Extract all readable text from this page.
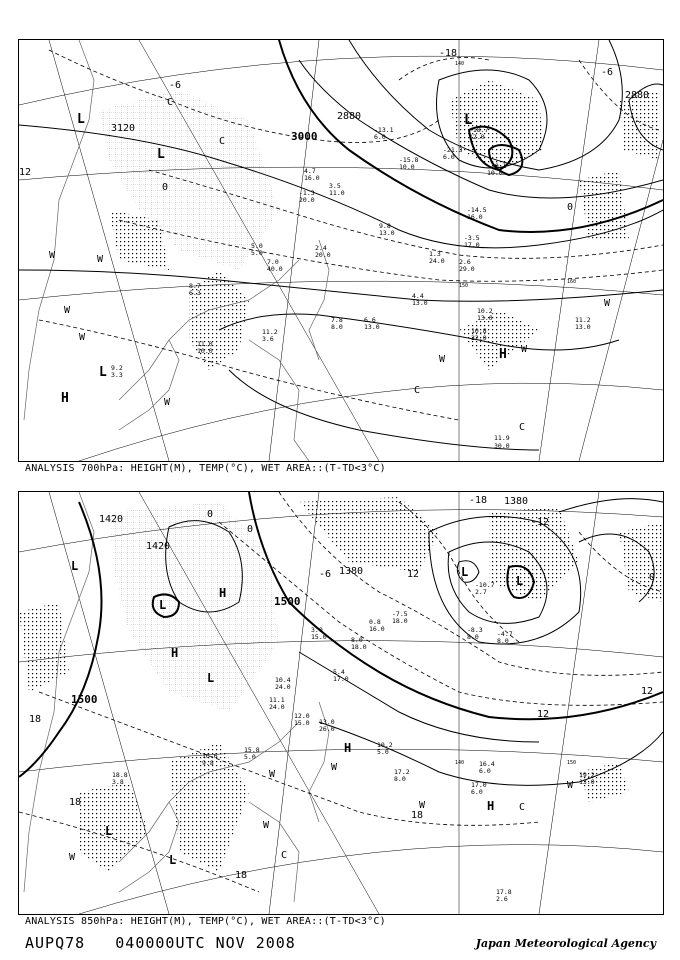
3000
3120
2880
2880
-18
-6
0
0
12
-6
L
L
L
L
H
H
C
C
C
C
W	W
W
W
W
W
W
W
-21.3
6.0
-18.7
12.0
-19.1
10.0
-15.8
10.0
-14.5
16.0
-13.1
6.0
-3.5
17.0
2.6
29.0
1.3
24.0
4.4
13.0
10.2
13.0
10.8
22.0
11.2
13.0
6.6
13.0
7.8
8.0
11.2
3.6
11.0
10.0
9.2
3.3
8.7
6.3
5.0
5.0
2.4
20.0
7.0
40.0
11.9
30.0
9.8
13.0
4.7
16.0
-1.3
20.0
3.5
11.0
140
150
160
ANALYSIS 700hPa: HEIGHT(M), TEMP(°C), WET AREA::(T-TD<3°C)
1500
1500
1420
1380
1380
1420
-18
-12
-6
0
0
12
12
18
18
18
18
12
0
L
L
L
L
L
L
L
H
H
H
H
C
C
W
W
W
W
W
W
-8.3
8.0	-4.7
8.0
-7.5
18.0
-10.7
2.7
10.2
5.0
17.2
8.0
16.4
6.0
17.0
6.0
19.2
13.0
13.0
26.0
5.4
17.0
12.0
15.0
10.4
24.0
11.1
24.0
18.8
3.8
17.8
2.6
16.6
9.8
15.8
5.0
8.0
18.0
0.8
16.0
3.0
15.0
140	150
ANALYSIS 850hPa: HEIGHT(M), TEMP(°C), WET AREA::(T-TD<3°C)
AUPQ78   040000UTC NOV 2008	Japan Meteorological Agency
